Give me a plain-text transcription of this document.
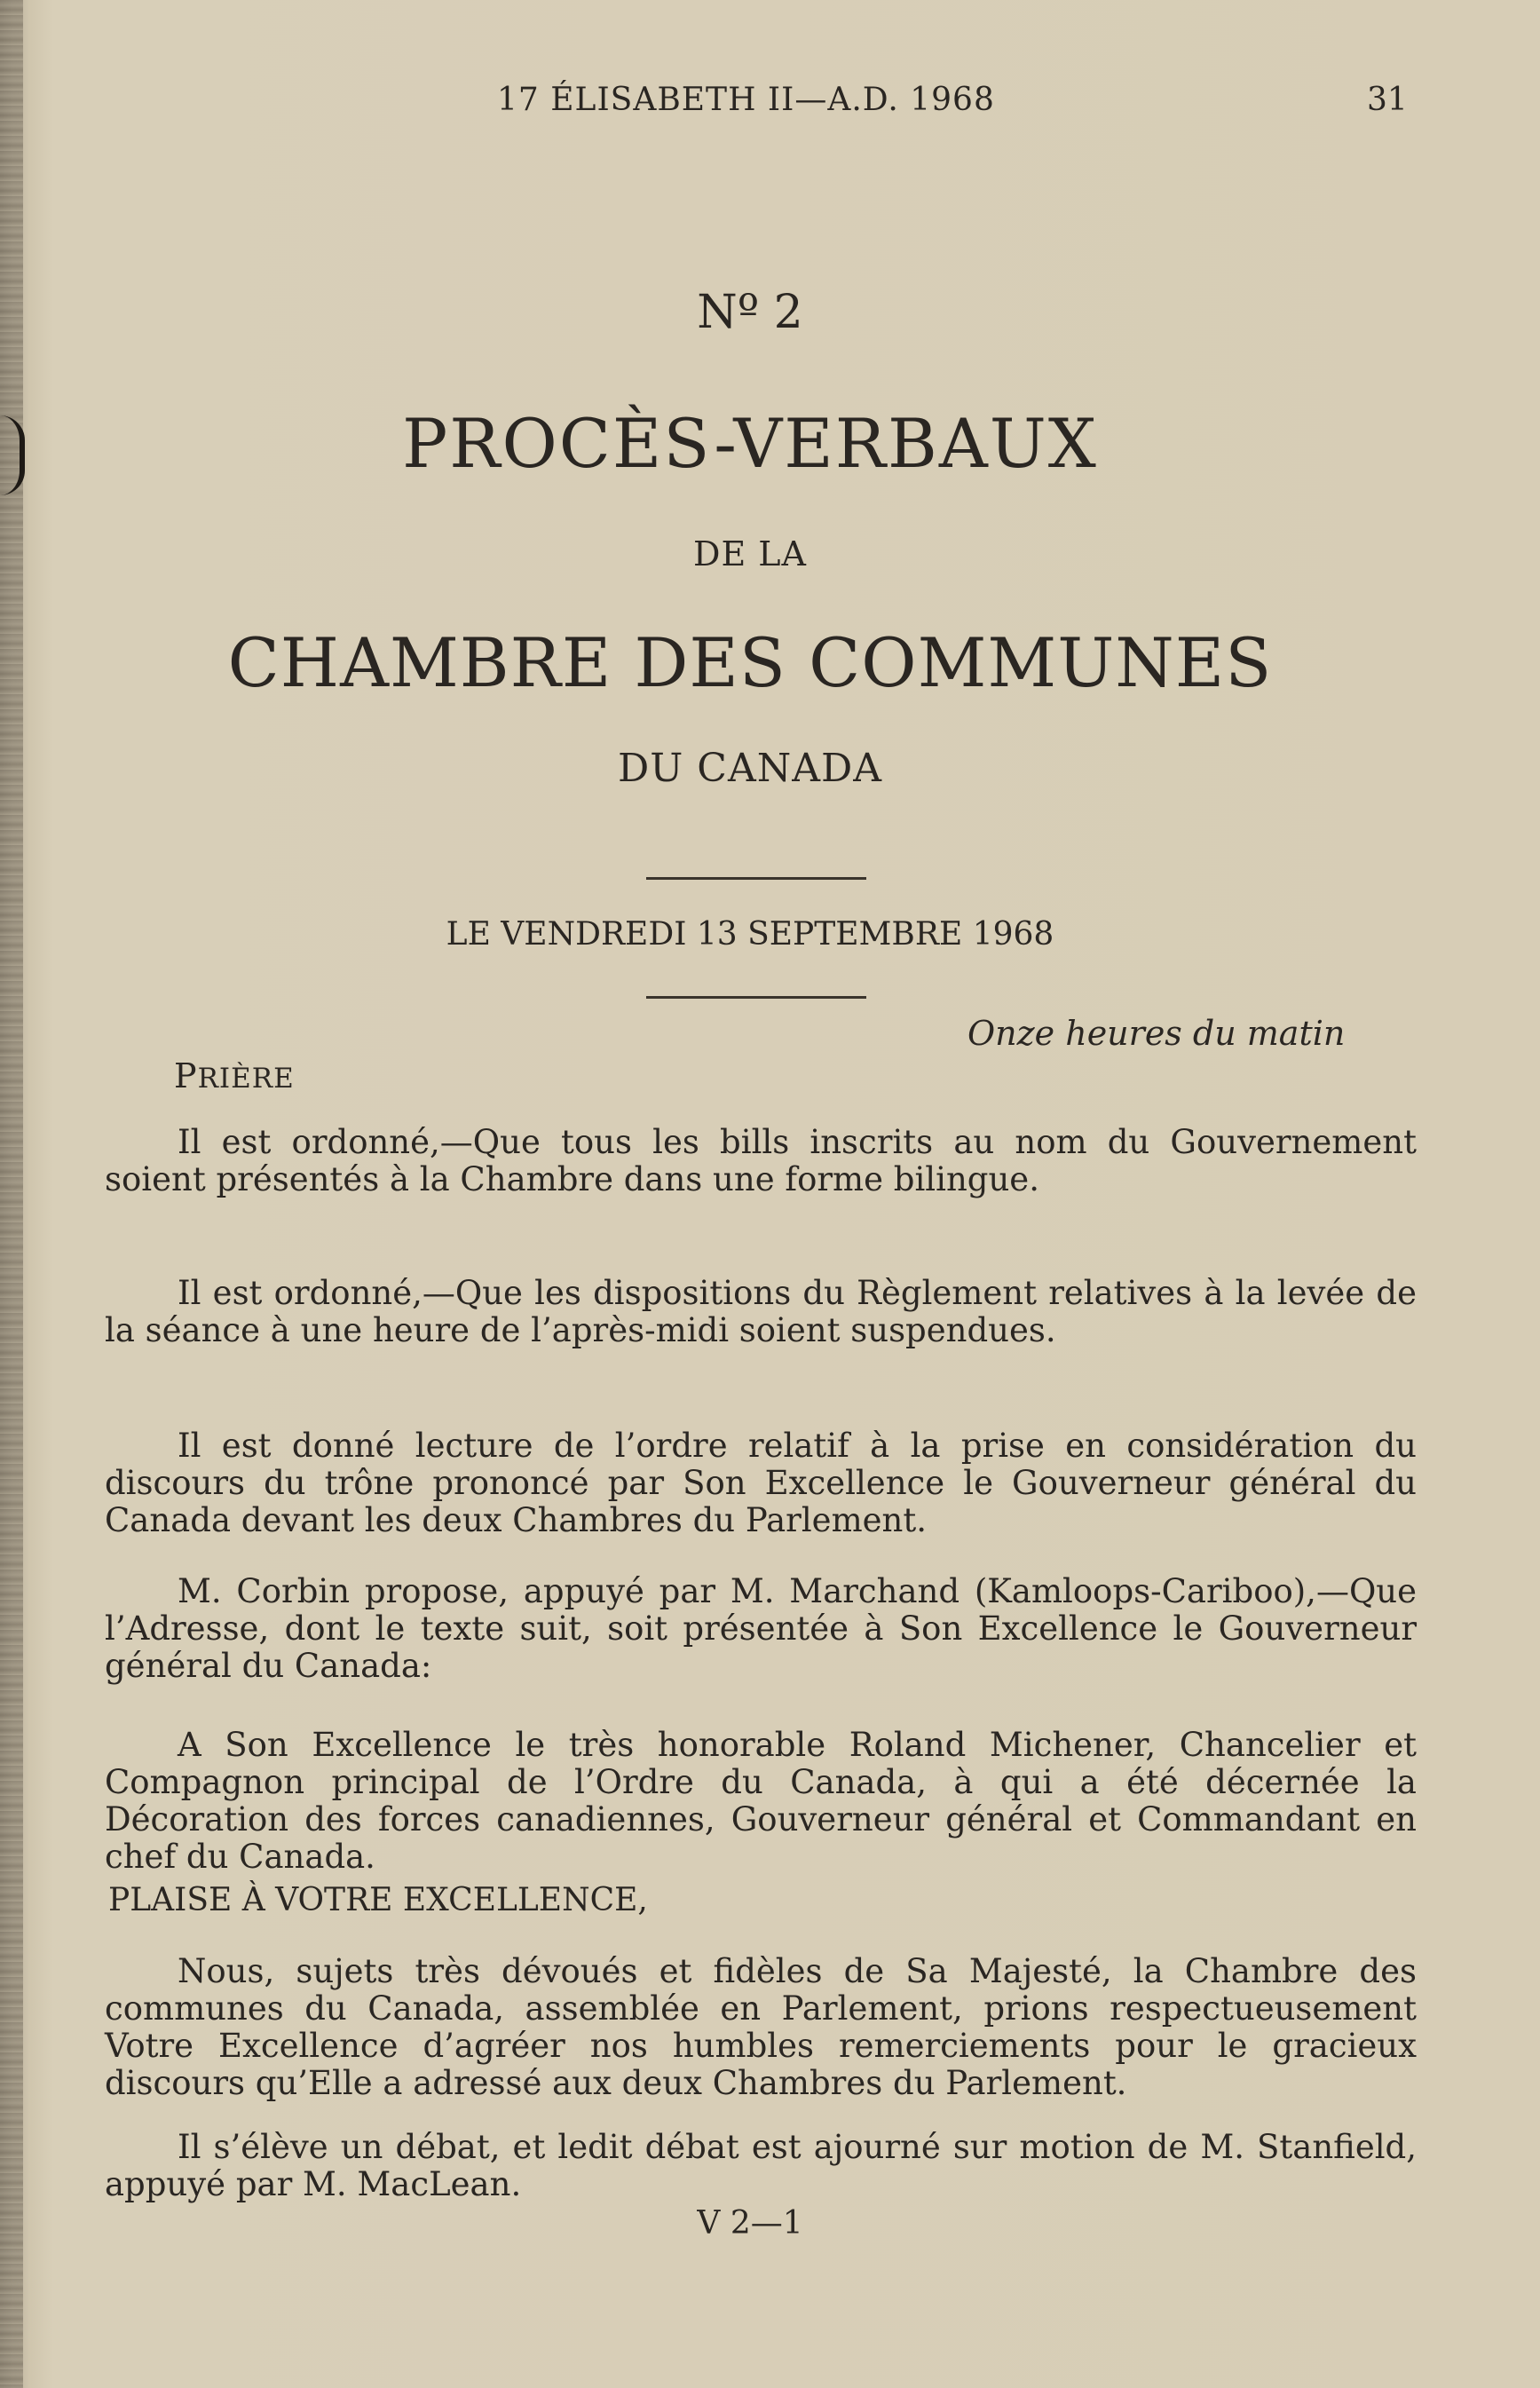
17 ÉLISABETH II—A.D. 1968	31
Nº 2
PROCÈS-VERBAUX
DE LA
CHAMBRE DES COMMUNES
DU CANADA
LE VENDREDI 13 SEPTEMBRE 1968
Onze heures du matin
PRIÈRE
Il est ordonné,—Que tous les bills inscrits au nom du Gouvernement soient présentés à la Chambre dans une forme bilingue.
Il est ordonné,—Que les dispositions du Règlement relatives à la levée de la séance à une heure de l’après-midi soient suspendues.
Il est donné lecture de l’ordre relatif à la prise en considération du discours du trône prononcé par Son Excellence le Gouverneur général du Canada devant les deux Chambres du Parlement.
M. Corbin propose, appuyé par M. Marchand (Kamloops-Cariboo),—Que l’Adresse, dont le texte suit, soit présentée à Son Excellence le Gouverneur général du Canada:
A Son Excellence le très honorable Roland Michener, Chancelier et Compagnon principal de l’Ordre du Canada, à qui a été décernée la Décoration des forces canadiennes, Gouverneur général et Commandant en chef du Canada.
PLAISE À VOTRE EXCELLENCE,
Nous, sujets très dévoués et fidèles de Sa Majesté, la Chambre des communes du Canada, assemblée en Parlement, prions respectueusement Votre Excellence d’agréer nos humbles remerciements pour le gracieux discours qu’Elle a adressé aux deux Chambres du Parlement.
Il s’élève un débat, et ledit débat est ajourné sur motion de M. Stanfield, appuyé par M. MacLean.
V 2—1
